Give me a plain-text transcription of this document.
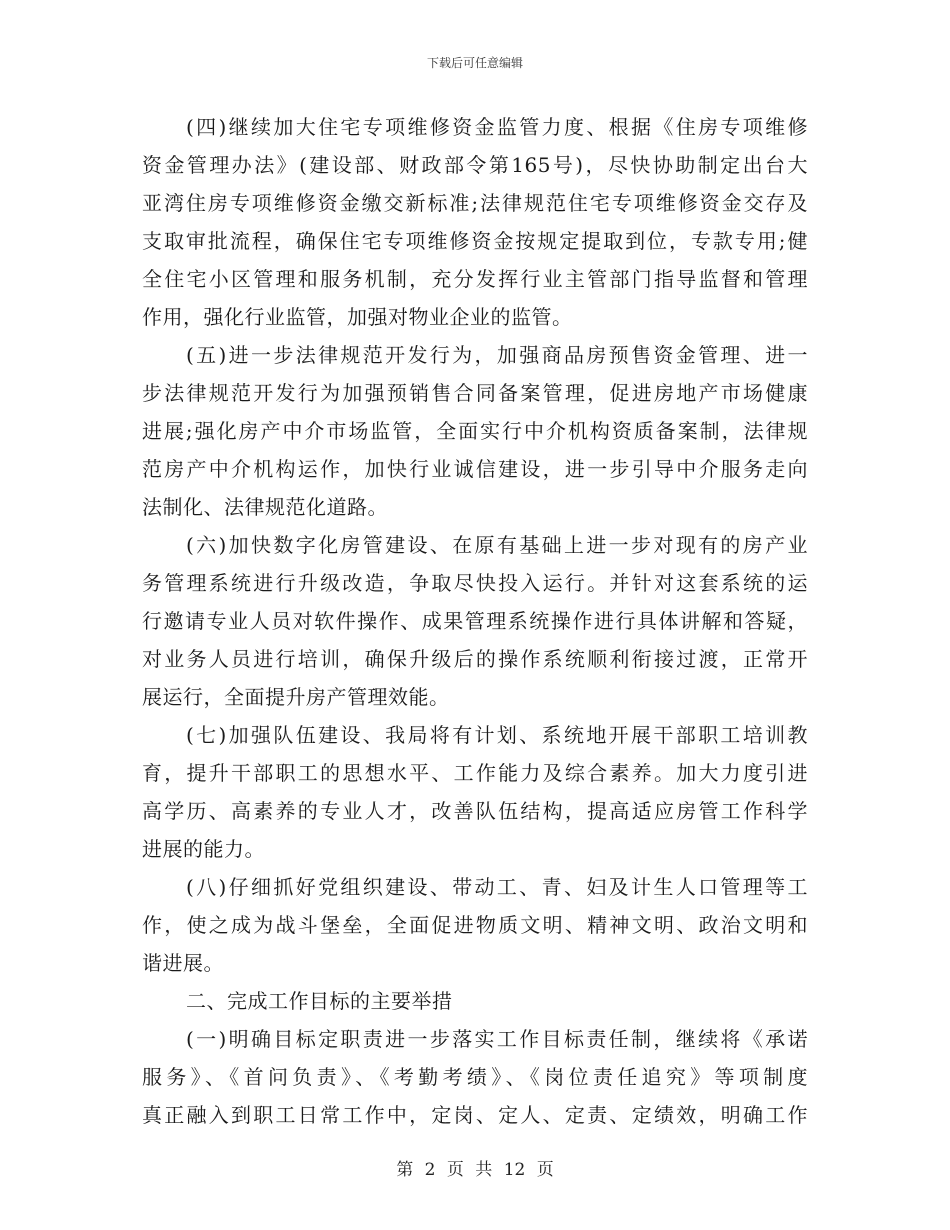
下载后可任意编辑
(四)继续加大住宅专项维修资金监管力度、根据《住房专项维修
资金管理办法》(建设部、财政部令第165号)，尽快协助制定出台大
亚湾住房专项维修资金缴交新标准;法律规范住宅专项维修资金交存及
支取审批流程，确保住宅专项维修资金按规定提取到位，专款专用;健
全住宅小区管理和服务机制，充分发挥行业主管部门指导监督和管理
作用，强化行业监管，加强对物业企业的监管。
(五)进一步法律规范开发行为，加强商品房预售资金管理、进一
步法律规范开发行为加强预销售合同备案管理，促进房地产市场健康
进展;强化房产中介市场监管，全面实行中介机构资质备案制，法律规
范房产中介机构运作，加快行业诚信建设，进一步引导中介服务走向
法制化、法律规范化道路。
(六)加快数字化房管建设、在原有基础上进一步对现有的房产业
务管理系统进行升级改造，争取尽快投入运行。并针对这套系统的运
行邀请专业人员对软件操作、成果管理系统操作进行具体讲解和答疑，
对业务人员进行培训，确保升级后的操作系统顺利衔接过渡，正常开
展运行，全面提升房产管理效能。
(七)加强队伍建设、我局将有计划、系统地开展干部职工培训教
育，提升干部职工的思想水平、工作能力及综合素养。加大力度引进
高学历、高素养的专业人才，改善队伍结构，提高适应房管工作科学
进展的能力。
(八)仔细抓好党组织建设、带动工、青、妇及计生人口管理等工
作，使之成为战斗堡垒，全面促进物质文明、精神文明、政治文明和
谐进展。
二、完成工作目标的主要举措
(一)明确目标定职责进一步落实工作目标责任制，继续将《承诺
服务》、《首问负责》、《考勤考绩》、《岗位责任追究》等项制度
真正融入到职工日常工作中，定岗、定人、定责、定绩效，明确工作
第 2 页 共 12 页
